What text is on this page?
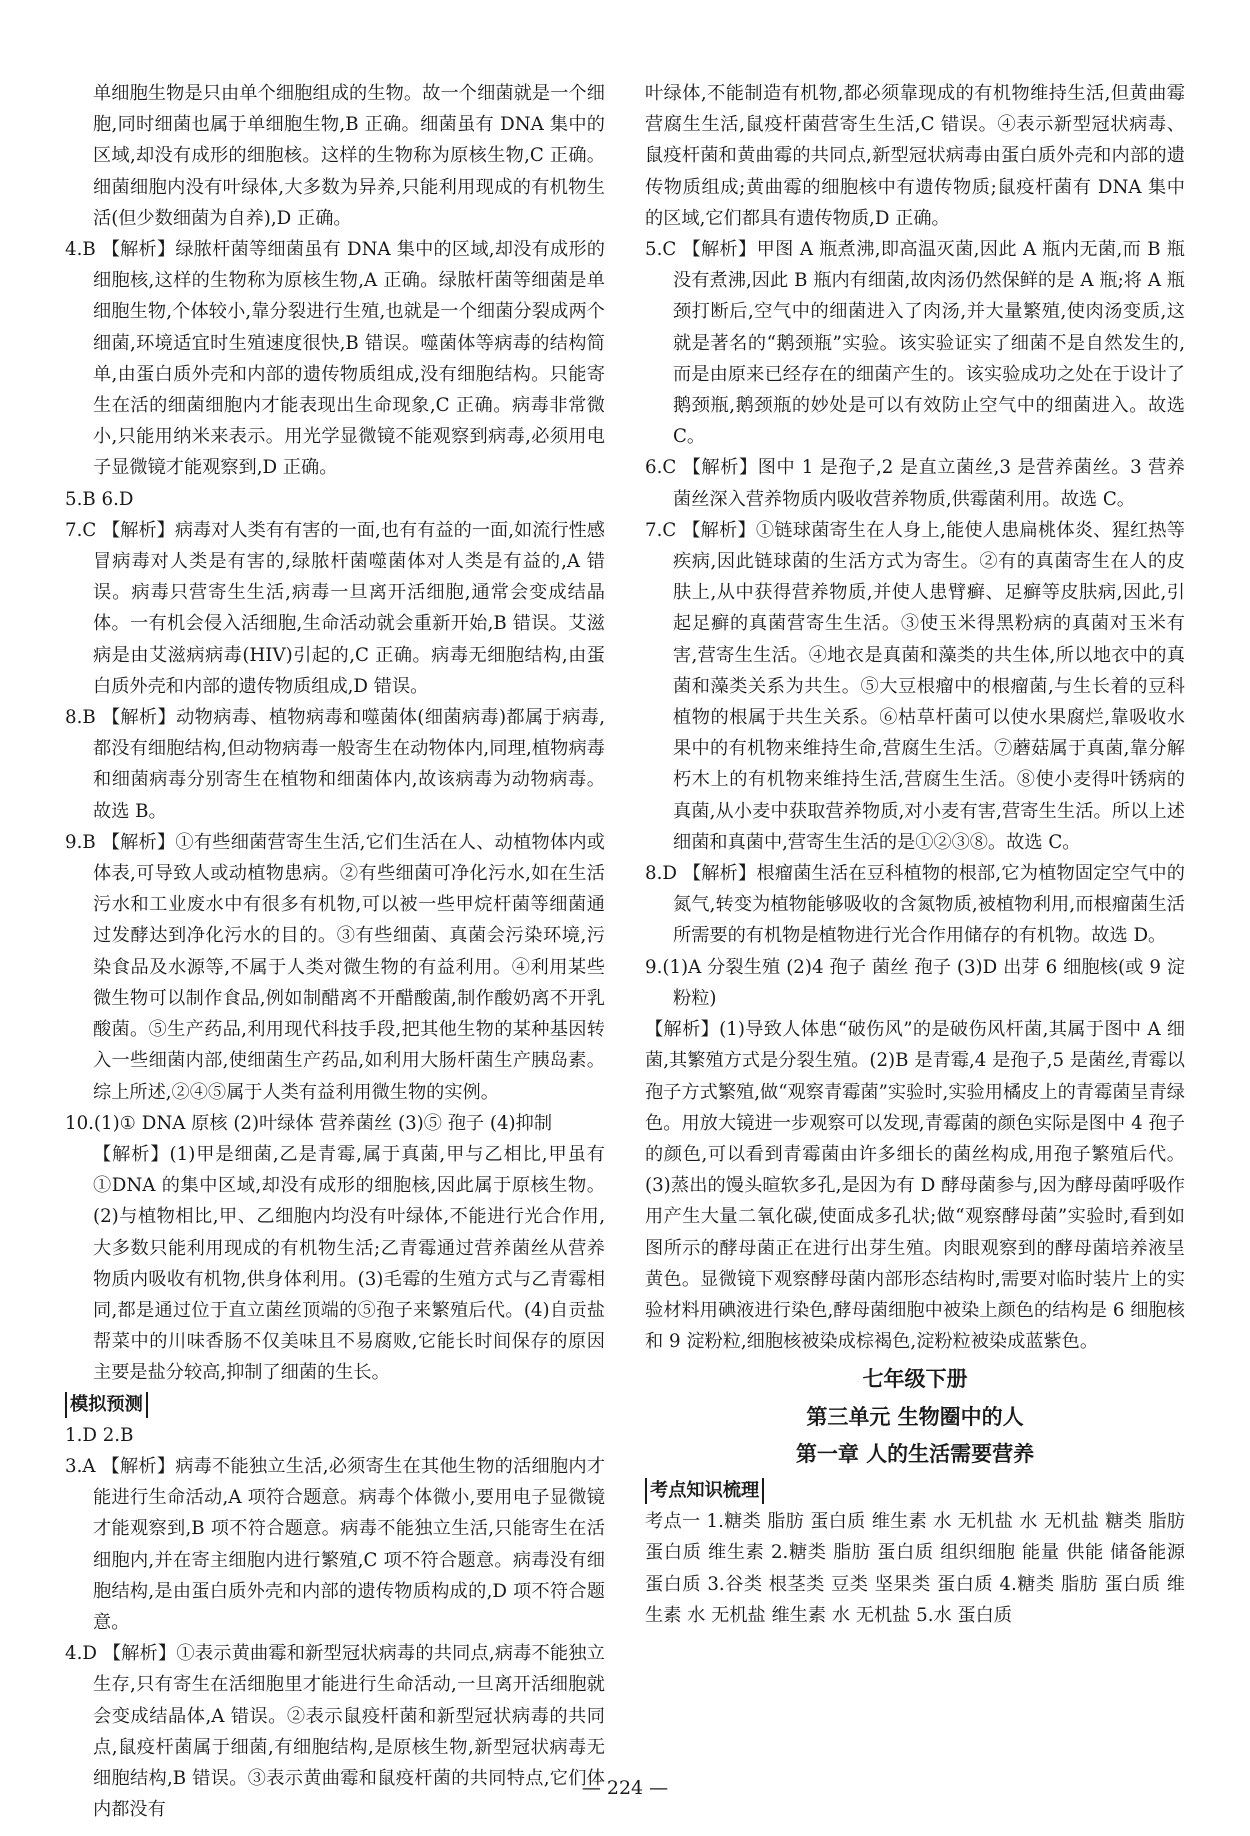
单细胞生物是只由单个细胞组成的生物。故一个细菌就是一个细胞,同时细菌也属于单细胞生物,B 正确。细菌虽有 DNA 集中的区域,却没有成形的细胞核。这样的生物称为原核生物,C 正确。细菌细胞内没有叶绿体,大多数为异养,只能利用现成的有机物生活(但少数细菌为自养),D 正确。

4.B 【解析】绿脓杆菌等细菌虽有 DNA 集中的区域,却没有成形的细胞核,这样的生物称为原核生物,A 正确。绿脓杆菌等细菌是单细胞生物,个体较小,靠分裂进行生殖,也就是一个细菌分裂成两个细菌,环境适宜时生殖速度很快,B 错误。噬菌体等病毒的结构简单,由蛋白质外壳和内部的遗传物质组成,没有细胞结构。只能寄生在活的细菌细胞内才能表现出生命现象,C 正确。病毒非常微小,只能用纳米来表示。用光学显微镜不能观察到病毒,必须用电子显微镜才能观察到,D 正确。

5.B 6.D

7.C 【解析】病毒对人类有有害的一面,也有有益的一面,如流行性感冒病毒对人类是有害的,绿脓杆菌噬菌体对人类是有益的,A 错误。病毒只营寄生生活,病毒一旦离开活细胞,通常会变成结晶体。一有机会侵入活细胞,生命活动就会重新开始,B 错误。艾滋病是由艾滋病病毒(HIV)引起的,C 正确。病毒无细胞结构,由蛋白质外壳和内部的遗传物质组成,D 错误。

8.B 【解析】动物病毒、植物病毒和噬菌体(细菌病毒)都属于病毒,都没有细胞结构,但动物病毒一般寄生在动物体内,同理,植物病毒和细菌病毒分别寄生在植物和细菌体内,故该病毒为动物病毒。故选 B。

9.B 【解析】①有些细菌营寄生生活,它们生活在人、动植物体内或体表,可导致人或动植物患病。②有些细菌可净化污水,如在生活污水和工业废水中有很多有机物,可以被一些甲烷杆菌等细菌通过发酵达到净化污水的目的。③有些细菌、真菌会污染环境,污染食品及水源等,不属于人类对微生物的有益利用。④利用某些微生物可以制作食品,例如制醋离不开醋酸菌,制作酸奶离不开乳酸菌。⑤生产药品,利用现代科技手段,把其他生物的某种基因转入一些细菌内部,使细菌生产药品,如利用大肠杆菌生产胰岛素。综上所述,②④⑤属于人类有益利用微生物的实例。

10.(1)① DNA 原核 (2)叶绿体 营养菌丝 (3)⑤ 孢子 (4)抑制

【解析】(1)甲是细菌,乙是青霉,属于真菌,甲与乙相比,甲虽有①DNA 的集中区域,却没有成形的细胞核,因此属于原核生物。(2)与植物相比,甲、乙细胞内均没有叶绿体,不能进行光合作用,大多数只能利用现成的有机物生活;乙青霉通过营养菌丝从营养物质内吸收有机物,供身体利用。(3)毛霉的生殖方式与乙青霉相同,都是通过位于直立菌丝顶端的⑤孢子来繁殖后代。(4)自贡盐帮菜中的川味香肠不仅美味且不易腐败,它能长时间保存的原因主要是盐分较高,抑制了细菌的生长。

模拟预测

1.D 2.B

3.A 【解析】病毒不能独立生活,必须寄生在其他生物的活细胞内才能进行生命活动,A 项符合题意。病毒个体微小,要用电子显微镜才能观察到,B 项不符合题意。病毒不能独立生活,只能寄生在活细胞内,并在寄主细胞内进行繁殖,C 项不符合题意。病毒没有细胞结构,是由蛋白质外壳和内部的遗传物质构成的,D 项不符合题意。

4.D 【解析】①表示黄曲霉和新型冠状病毒的共同点,病毒不能独立生存,只有寄生在活细胞里才能进行生命活动,一旦离开活细胞就会变成结晶体,A 错误。②表示鼠疫杆菌和新型冠状病毒的共同点,鼠疫杆菌属于细菌,有细胞结构,是原核生物,新型冠状病毒无细胞结构,B 错误。③表示黄曲霉和鼠疫杆菌的共同特点,它们体内都没有

叶绿体,不能制造有机物,都必须靠现成的有机物维持生活,但黄曲霉营腐生生活,鼠疫杆菌营寄生生活,C 错误。④表示新型冠状病毒、鼠疫杆菌和黄曲霉的共同点,新型冠状病毒由蛋白质外壳和内部的遗传物质组成;黄曲霉的细胞核中有遗传物质;鼠疫杆菌有 DNA 集中的区域,它们都具有遗传物质,D 正确。

5.C 【解析】甲图 A 瓶煮沸,即高温灭菌,因此 A 瓶内无菌,而 B 瓶没有煮沸,因此 B 瓶内有细菌,故肉汤仍然保鲜的是 A 瓶;将 A 瓶颈打断后,空气中的细菌进入了肉汤,并大量繁殖,使肉汤变质,这就是著名的“鹅颈瓶”实验。该实验证实了细菌不是自然发生的,而是由原来已经存在的细菌产生的。该实验成功之处在于设计了鹅颈瓶,鹅颈瓶的妙处是可以有效防止空气中的细菌进入。故选 C。

6.C 【解析】图中 1 是孢子,2 是直立菌丝,3 是营养菌丝。3 营养菌丝深入营养物质内吸收营养物质,供霉菌利用。故选 C。

7.C 【解析】①链球菌寄生在人身上,能使人患扁桃体炎、猩红热等疾病,因此链球菌的生活方式为寄生。②有的真菌寄生在人的皮肤上,从中获得营养物质,并使人患臂癣、足癣等皮肤病,因此,引起足癣的真菌营寄生生活。③使玉米得黑粉病的真菌对玉米有害,营寄生生活。④地衣是真菌和藻类的共生体,所以地衣中的真菌和藻类关系为共生。⑤大豆根瘤中的根瘤菌,与生长着的豆科植物的根属于共生关系。⑥枯草杆菌可以使水果腐烂,靠吸收水果中的有机物来维持生命,营腐生生活。⑦蘑菇属于真菌,靠分解朽木上的有机物来维持生活,营腐生生活。⑧使小麦得叶锈病的真菌,从小麦中获取营养物质,对小麦有害,营寄生生活。所以上述细菌和真菌中,营寄生生活的是①②③⑧。故选 C。

8.D 【解析】根瘤菌生活在豆科植物的根部,它为植物固定空气中的氮气,转变为植物能够吸收的含氮物质,被植物利用,而根瘤菌生活所需要的有机物是植物进行光合作用储存的有机物。故选 D。

9.(1)A 分裂生殖 (2)4 孢子 菌丝 孢子 (3)D 出芽 6 细胞核(或 9 淀粉粒)

【解析】(1)导致人体患“破伤风”的是破伤风杆菌,其属于图中 A 细菌,其繁殖方式是分裂生殖。(2)B 是青霉,4 是孢子,5 是菌丝,青霉以孢子方式繁殖,做“观察青霉菌”实验时,实验用橘皮上的青霉菌呈青绿色。用放大镜进一步观察可以发现,青霉菌的颜色实际是图中 4 孢子的颜色,可以看到青霉菌由许多细长的菌丝构成,用孢子繁殖后代。(3)蒸出的馒头暄软多孔,是因为有 D 酵母菌参与,因为酵母菌呼吸作用产生大量二氧化碳,使面成多孔状;做“观察酵母菌”实验时,看到如图所示的酵母菌正在进行出芽生殖。肉眼观察到的酵母菌培养液呈黄色。显微镜下观察酵母菌内部形态结构时,需要对临时装片上的实验材料用碘液进行染色,酵母菌细胞中被染上颜色的结构是 6 细胞核和 9 淀粉粒,细胞核被染成棕褐色,淀粉粒被染成蓝紫色。

七年级下册

第三单元 生物圈中的人

第一章 人的生活需要营养

考点知识梳理

考点一 1.糖类 脂肪 蛋白质 维生素 水 无机盐 水 无机盐 糖类 脂肪 蛋白质 维生素 2.糖类 脂肪 蛋白质 组织细胞 能量 供能 储备能源 蛋白质 3.谷类 根茎类 豆类 坚果类 蛋白质 4.糖类 脂肪 蛋白质 维生素 水 无机盐 维生素 水 无机盐 5.水 蛋白质

— 224 —
